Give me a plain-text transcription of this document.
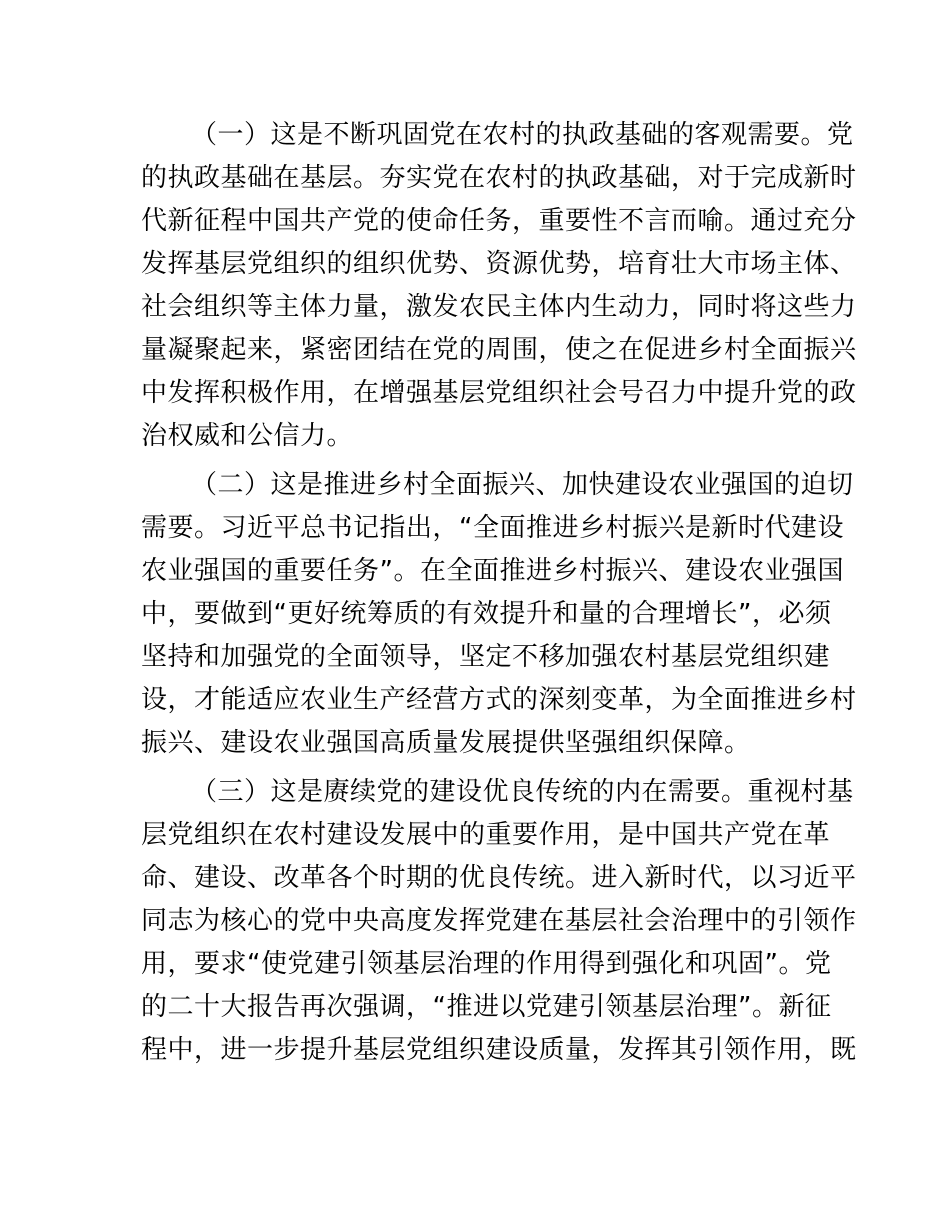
（一）这是不断巩固党在农村的执政基础的客观需要。党
的执政基础在基层。夯实党在农村的执政基础，对于完成新时
代新征程中国共产党的使命任务，重要性不言而喻。通过充分
发挥基层党组织的组织优势、资源优势，培育壮大市场主体、
社会组织等主体力量，激发农民主体内生动力，同时将这些力
量凝聚起来，紧密团结在党的周围，使之在促进乡村全面振兴
中发挥积极作用，在增强基层党组织社会号召力中提升党的政
治权威和公信力。
（二）这是推进乡村全面振兴、加快建设农业强国的迫切
需要。习近平总书记指出，“全面推进乡村振兴是新时代建设
农业强国的重要任务”。在全面推进乡村振兴、建设农业强国
中，要做到“更好统筹质的有效提升和量的合理增长”，必须
坚持和加强党的全面领导，坚定不移加强农村基层党组织建
设，才能适应农业生产经营方式的深刻变革，为全面推进乡村
振兴、建设农业强国高质量发展提供坚强组织保障。
（三）这是赓续党的建设优良传统的内在需要。重视村基
层党组织在农村建设发展中的重要作用，是中国共产党在革
命、建设、改革各个时期的优良传统。进入新时代，以习近平
同志为核心的党中央高度发挥党建在基层社会治理中的引领作
用，要求“使党建引领基层治理的作用得到强化和巩固”。党
的二十大报告再次强调，“推进以党建引领基层治理”。新征
程中，进一步提升基层党组织建设质量，发挥其引领作用，既
